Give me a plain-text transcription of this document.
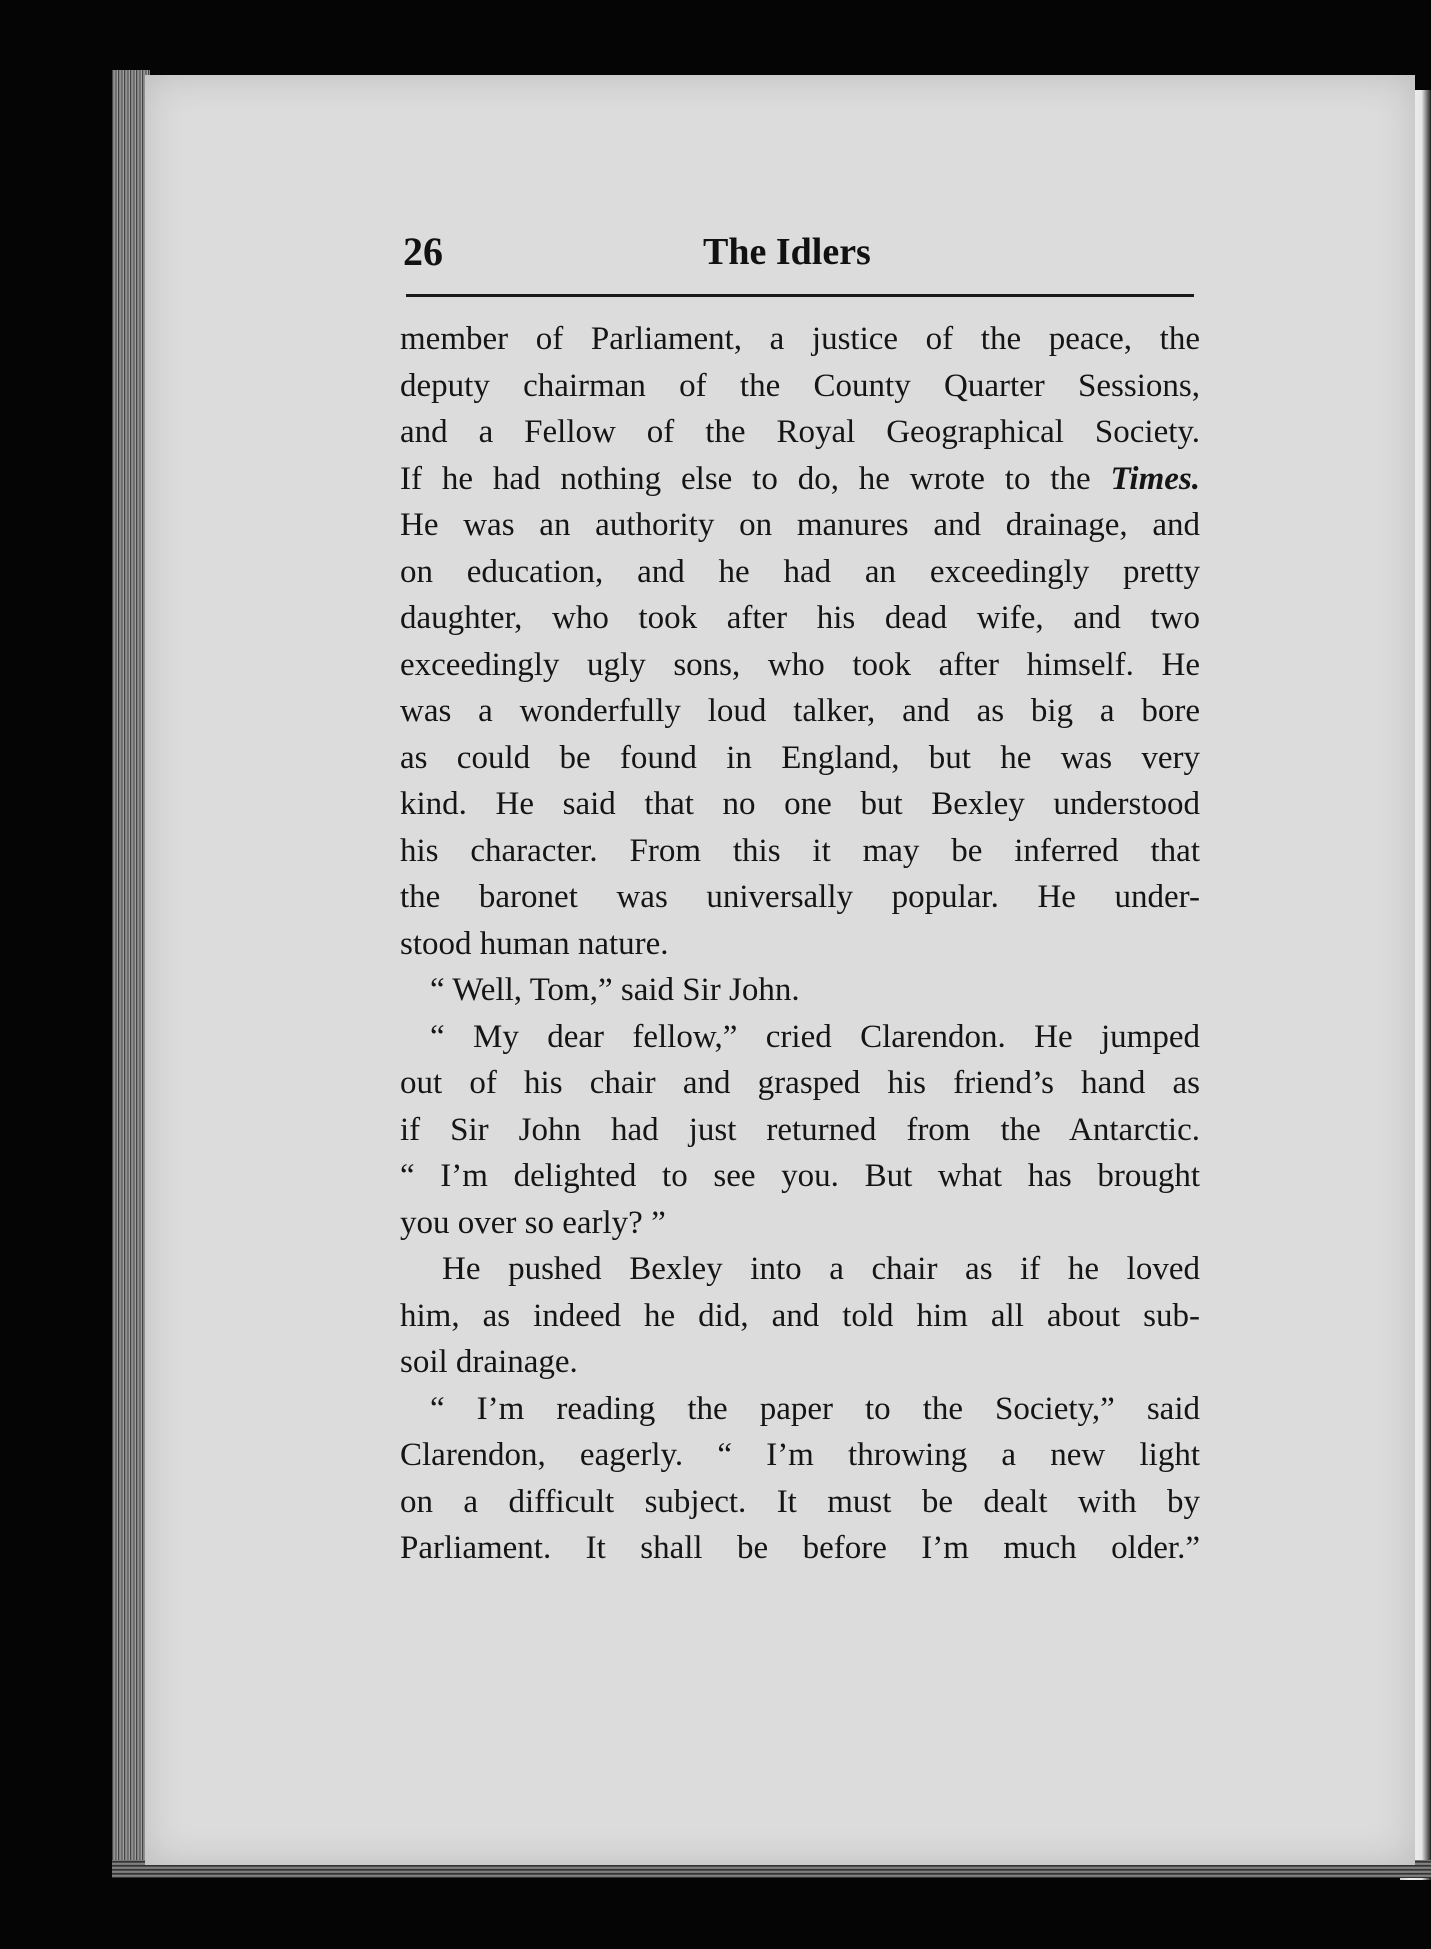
26	The Idlers
member of Parliament, a justice of the peace, the
deputy chairman of the County Quarter Sessions,
and a Fellow of the Royal Geographical Society.
If he had nothing else to do, he wrote to the Times.
He was an authority on manures and drainage, and
on education, and he had an exceedingly pretty
daughter, who took after his dead wife, and two
exceedingly ugly sons, who took after himself. He
was a wonderfully loud talker, and as big a bore
as could be found in England, but he was very
kind. He said that no one but Bexley understood
his character. From this it may be inferred that
the baronet was universally popular. He under-
stood human nature.
“ Well, Tom,” said Sir John.
“ My dear fellow,” cried Clarendon. He jumped
out of his chair and grasped his friend’s hand as
if Sir John had just returned from the Antarctic.
“ I’m delighted to see you. But what has brought
you over so early? ”
He pushed Bexley into a chair as if he loved
him, as indeed he did, and told him all about sub-
soil drainage.
“ I’m reading the paper to the Society,” said
Clarendon, eagerly. “ I’m throwing a new light
on a difficult subject. It must be dealt with by
Parliament. It shall be before I’m much older.”
